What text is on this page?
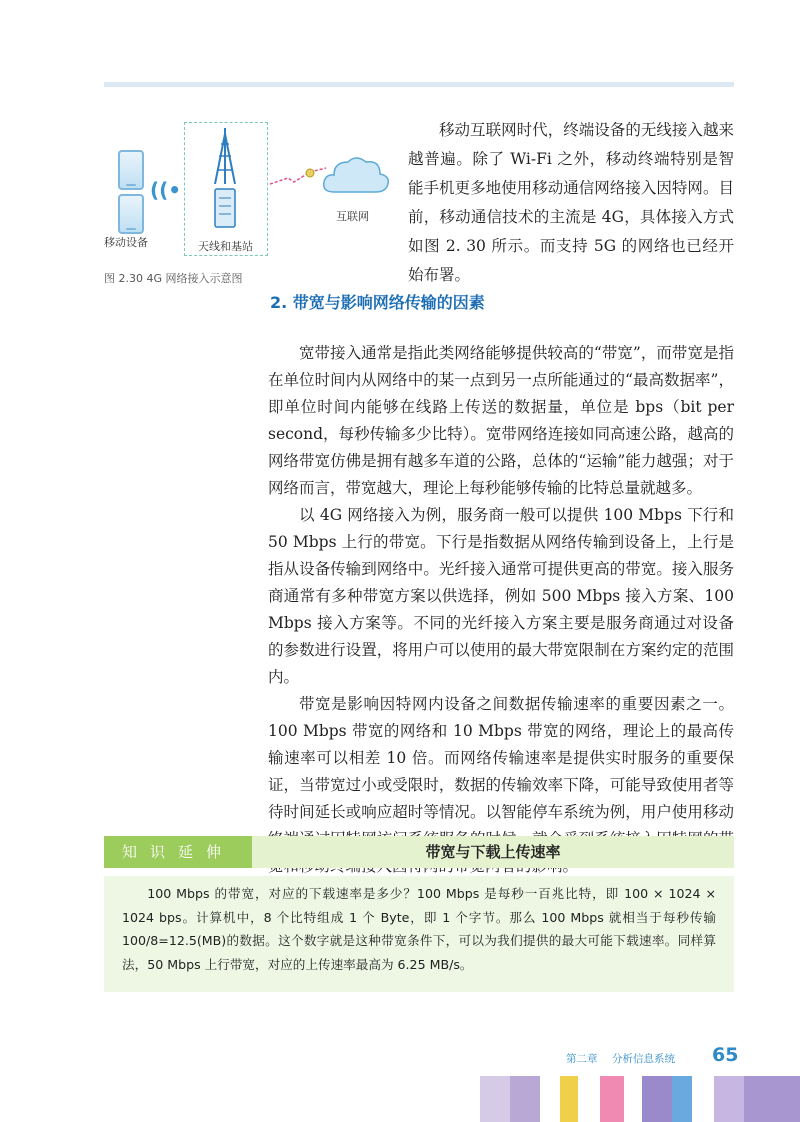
移动设备
((•
天线和基站
互联网
图 2.30 4G 网络接入示意图

移动互联网时代，终端设备的无线接入越来越普遍。除了 Wi-Fi 之外，移动终端特别是智能手机更多地使用移动通信网络接入因特网。目前，移动通信技术的主流是 4G，具体接入方式如图 2. 30 所示。而支持 5G 的网络也已经开始布署。

2. 带宽与影响网络传输的因素

宽带接入通常是指此类网络能够提供较高的“带宽”，而带宽是指在单位时间内从网络中的某一点到另一点所能通过的“最高数据率”，即单位时间内能够在线路上传送的数据量，单位是 bps（bit per second，每秒传输多少比特）。宽带网络连接如同高速公路，越高的网络带宽仿佛是拥有越多车道的公路，总体的“运输”能力越强；对于网络而言，带宽越大，理论上每秒能够传输的比特总量就越多。

以 4G 网络接入为例，服务商一般可以提供 100 Mbps 下行和 50 Mbps 上行的带宽。下行是指数据从网络传输到设备上，上行是指从设备传输到网络中。光纤接入通常可提供更高的带宽。接入服务商通常有多种带宽方案以供选择，例如 500 Mbps 接入方案、100 Mbps 接入方案等。不同的光纤接入方案主要是服务商通过对设备的参数进行设置，将用户可以使用的最大带宽限制在方案约定的范围内。

带宽是影响因特网内设备之间数据传输速率的重要因素之一。100 Mbps 带宽的网络和 10 Mbps 带宽的网络，理论上的最高传输速率可以相差 10 倍。而网络传输速率是提供实时服务的重要保证，当带宽过小或受限时，数据的传输效率下降，可能导致使用者等待时间延长或响应超时等情况。以智能停车系统为例，用户使用移动

知识延伸	带宽与下载上传速率

100 Mbps 的带宽，对应的下载速率是多少？100 Mbps 是每秒一百兆比特，即 100 × 1024 × 1024 bps。计算机中，8 个比特组成 1 个 Byte，即 1 个字节。那么 100 Mbps 就相当于每秒传输 100/8=12.5(MB)的数据。这个数字就是这种带宽条件下，可以为我们提供的最大可能下载速率。同样算法，50 Mbps 上行带宽，对应的上传速率最高为 6.25 MB/s。

第二章 分析信息系统 65
